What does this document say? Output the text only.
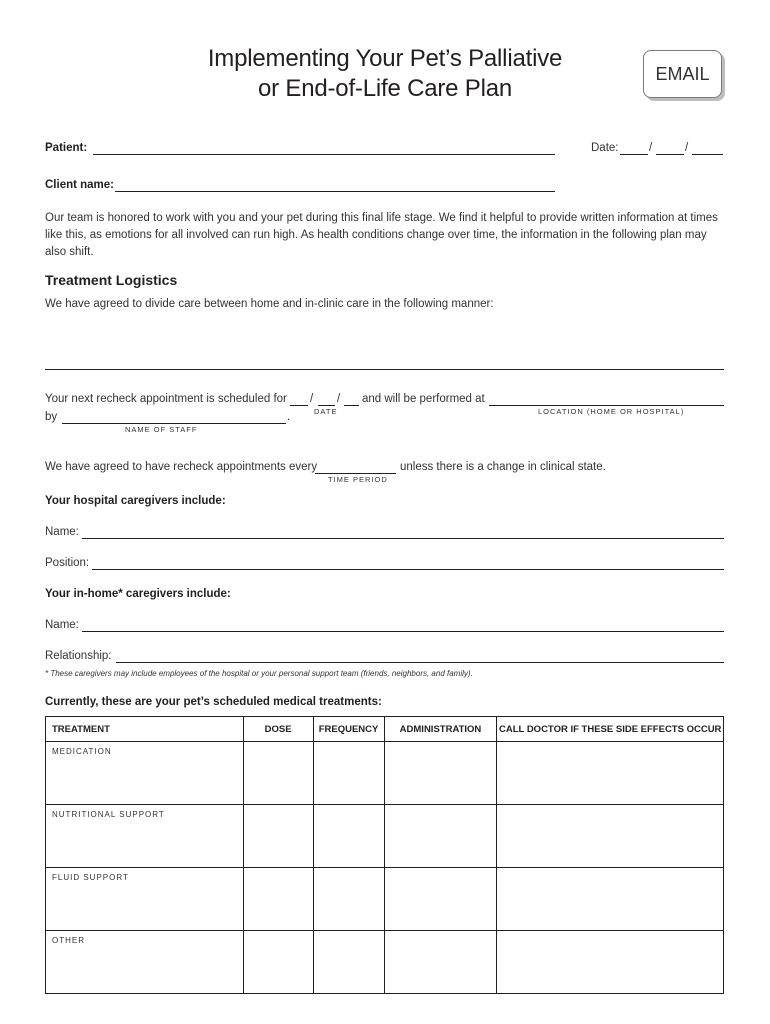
Implementing Your Pet’s Palliative
or End-of-Life Care Plan
EMAIL
Patient:	Date:	/	/
Client name:
Our team is honored to work with you and your pet during this final life stage. We find it helpful to provide written information at times like this, as emotions for all involved can run high. As health conditions change over time, the information in the following plan may also shift.
Treatment Logistics
We have agreed to divide care between home and in-clinic care in the following manner:
Your next recheck appointment is scheduled for / / and will be performed at
DATE	LOCATION (HOME OR HOSPITAL)
by	.
NAME OF STAFF
We have agreed to have recheck appointments every	unless there is a change in clinical state.
TIME PERIOD
Your hospital caregivers include:
Name:
Position:
Your in-home* caregivers include:
Name:
Relationship:
* These caregivers may include employees of the hospital or your personal support team (friends, neighbors, and family).
Currently, these are your pet’s scheduled medical treatments:
TREATMENT	DOSE	FREQUENCY	ADMINISTRATION	CALL DOCTOR IF THESE SIDE EFFECTS OCCUR
MEDICATION				
NUTRITIONAL SUPPORT				
FLUID SUPPORT				
OTHER				
